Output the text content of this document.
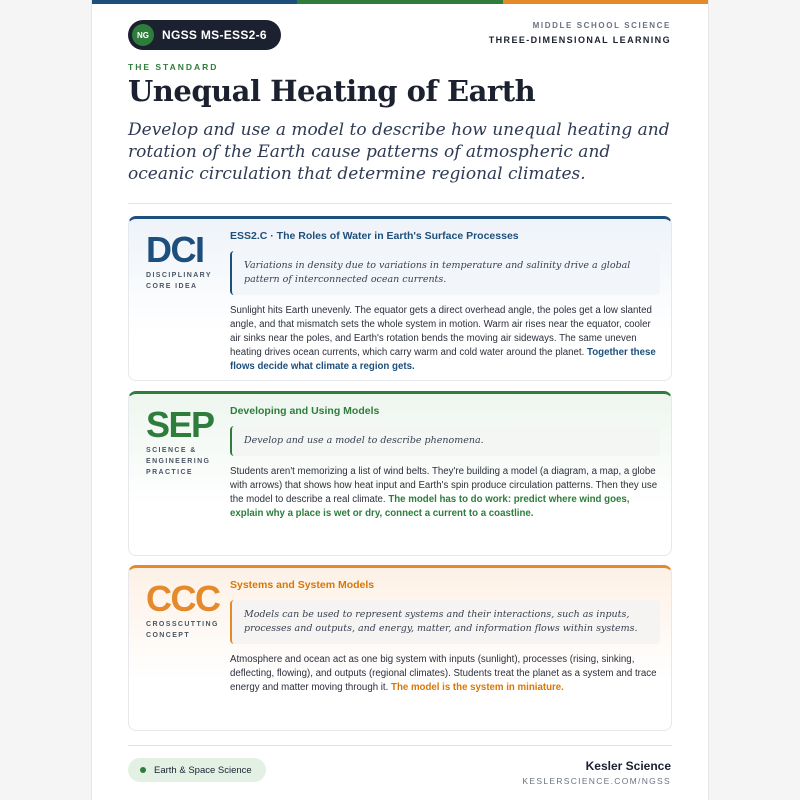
NG	NGSS MS-ESS2-6
MIDDLE SCHOOL SCIENCE
THREE-DIMENSIONAL LEARNING
THE STANDARD
Unequal Heating of Earth

Develop and use a model to describe how unequal heating and rotation of the Earth cause patterns of atmospheric and oceanic circulation that determine regional climates.

DCI
DISCIPLINARY
CORE IDEA
ESS2.C · The Roles of Water in Earth's Surface Processes
Variations in density due to variations in temperature and salinity drive a global pattern of interconnected ocean currents.
Sunlight hits Earth unevenly. The equator gets a direct overhead angle, the poles get a low slanted angle, and that mismatch sets the whole system in motion. Warm air rises near the equator, cooler air sinks near the poles, and Earth's rotation bends the moving air sideways. The same uneven heating drives ocean currents, which carry warm and cold water around the planet. Together these flows decide what climate a region gets.
SEP
SCIENCE &
ENGINEERING
PRACTICE
Developing and Using Models
Develop and use a model to describe phenomena.
Students aren't memorizing a list of wind belts. They're building a model (a diagram, a map, a globe with arrows) that shows how heat input and Earth's spin produce circulation patterns. Then they use the model to describe a real climate. The model has to do work: predict where wind goes, explain why a place is wet or dry, connect a current to a coastline.
CCC
CROSSCUTTING
CONCEPT
Systems and System Models
Models can be used to represent systems and their interactions, such as inputs, processes and outputs, and energy, matter, and information flows within systems.
Atmosphere and ocean act as one big system with inputs (sunlight), processes (rising, sinking, deflecting, flowing), and outputs (regional climates). Students treat the planet as a system and trace energy and matter moving through it. The model is the system in miniature.
Earth & Space Science	Kesler Science
KESLERSCIENCE.COM/NGSS
